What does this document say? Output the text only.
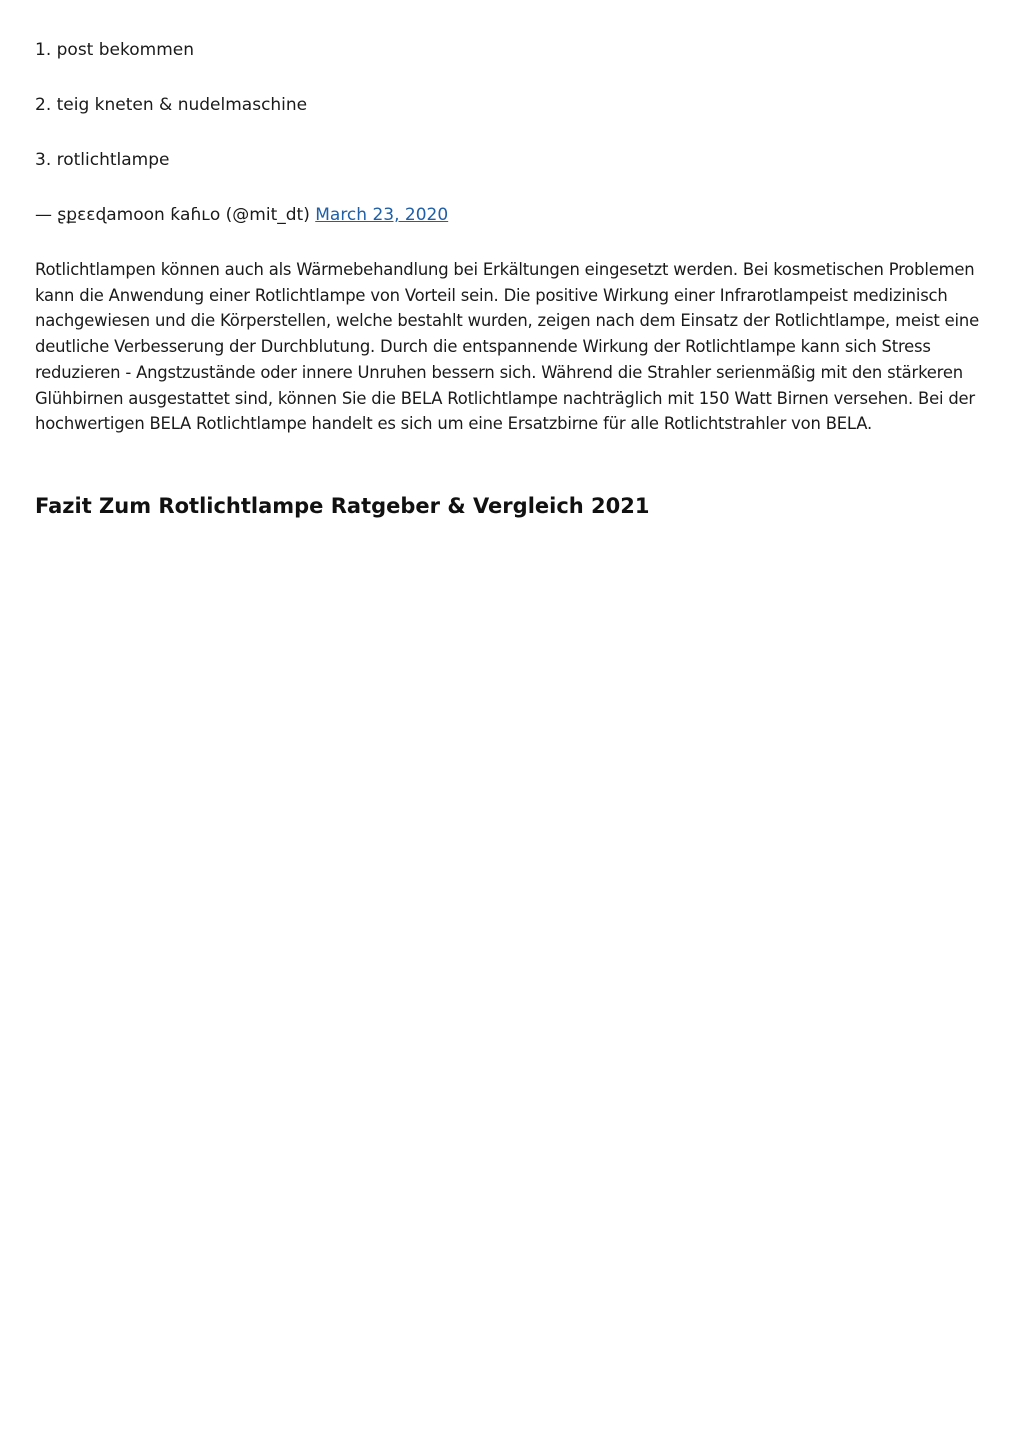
1. post bekommen

2. teig kneten & nudelmaschine

3. rotlichtlampe

— ʂքɛɛɖamoon ƙaɦʟo (@mit_dt) March 23, 2020

Rotlichtlampen können auch als Wärmebehandlung bei Erkältungen eingesetzt werden. Bei kosmetischen Problemen kann die Anwendung einer Rotlichtlampe von Vorteil sein. Die positive Wirkung einer Infrarotlampeist medizinisch nachgewiesen und die Körperstellen, welche bestahlt wurden, zeigen nach dem Einsatz der Rotlichtlampe, meist eine deutliche Verbesserung der Durchblutung. Durch die entspannende Wirkung der Rotlichtlampe kann sich Stress reduzieren - Angstzustände oder innere Unruhen bessern sich. Während die Strahler serienmäßig mit den stärkeren Glühbirnen ausgestattet sind, können Sie die BELA Rotlichtlampe nachträglich mit 150 Watt Birnen versehen. Bei der hochwertigen BELA Rotlichtlampe handelt es sich um eine Ersatzbirne für alle Rotlichtstrahler von BELA.

Fazit Zum Rotlichtlampe Ratgeber & Vergleich 2021
